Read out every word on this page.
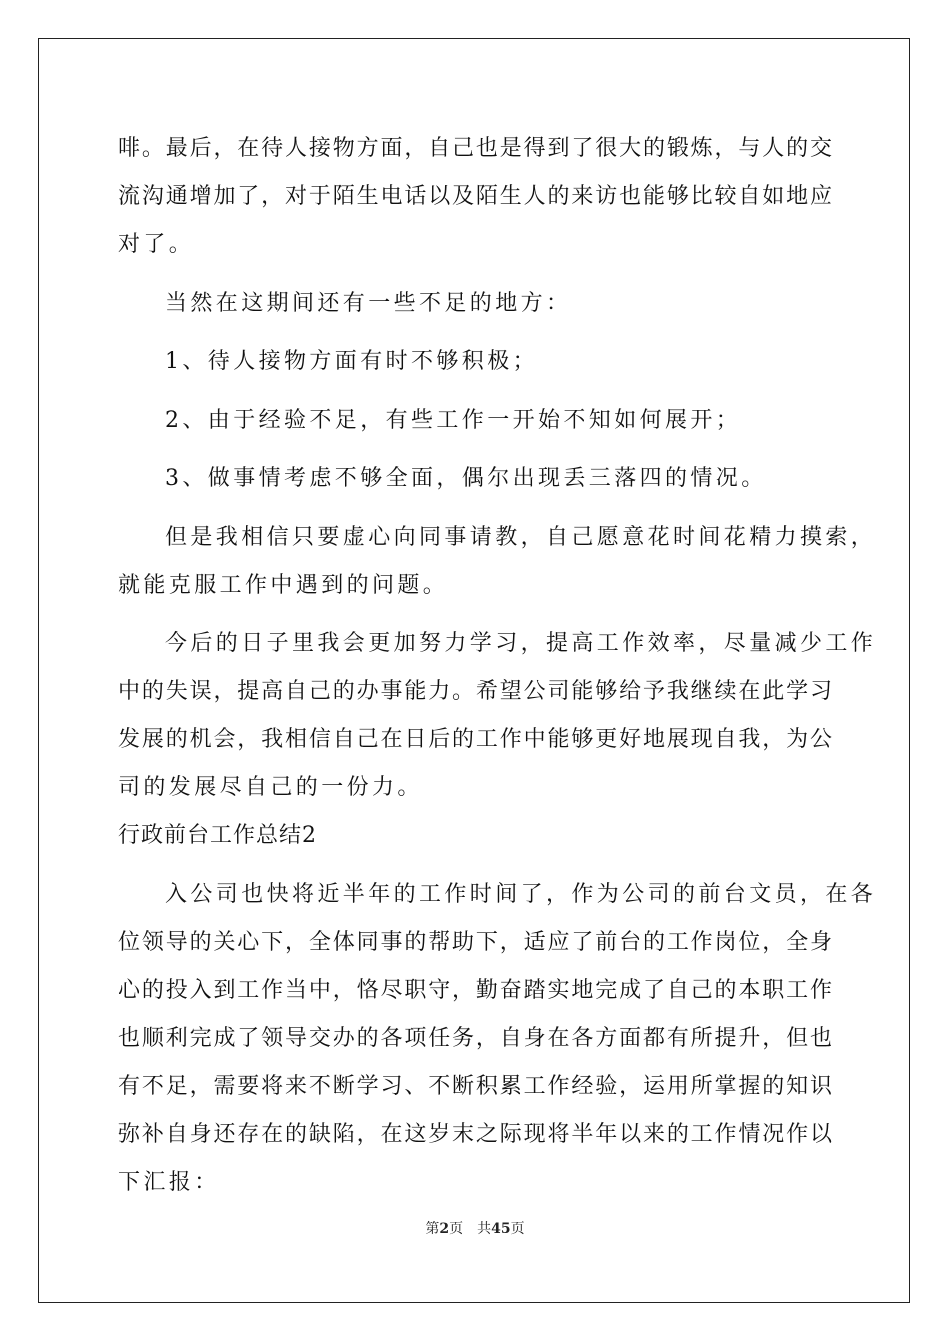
啡。最后，在待人接物方面，自己也是得到了很大的锻炼，与人的交
流沟通增加了，对于陌生电话以及陌生人的来访也能够比较自如地应
对了。
当然在这期间还有一些不足的地方：
1、待人接物方面有时不够积极；
2、由于经验不足，有些工作一开始不知如何展开；
3、做事情考虑不够全面，偶尔出现丢三落四的情况。
但是我相信只要虚心向同事请教，自己愿意花时间花精力摸索，
就能克服工作中遇到的问题。
今后的日子里我会更加努力学习，提高工作效率，尽量减少工作
中的失误，提高自己的办事能力。希望公司能够给予我继续在此学习
发展的机会，我相信自己在日后的工作中能够更好地展现自我，为公
司的发展尽自己的一份力。
行政前台工作总结2
入公司也快将近半年的工作时间了，作为公司的前台文员，在各
位领导的关心下，全体同事的帮助下，适应了前台的工作岗位，全身
心的投入到工作当中，恪尽职守，勤奋踏实地完成了自己的本职工作
也顺利完成了领导交办的各项任务，自身在各方面都有所提升，但也
有不足，需要将来不断学习、不断积累工作经验，运用所掌握的知识
弥补自身还存在的缺陷，在这岁末之际现将半年以来的工作情况作以
下汇报：
第2页 共45页
